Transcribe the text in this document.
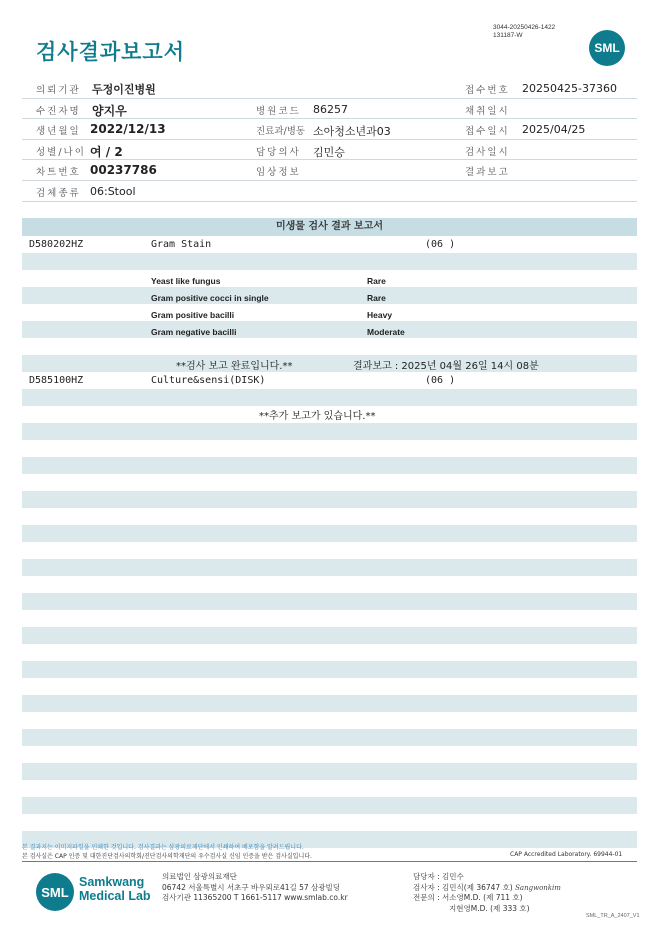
검사결과보고서
3044-20250426-1422
131187-W
SML
의뢰기관 두정이진병원	접수번호 20250425-37360
수진자명 양지우	병원코드 86257	채취일시
생년월일 2022/12/13	진료과/병동 소아청소년과03	접수일시 2025/04/25
성별/나이 여 / 2	담당의사 김민승	검사일시
차트번호 00237786	임상정보	결과보고
검체종류 06:Stool
미생물 검사 결과 보고서
D580202HZ	Gram Stain	(06 )
Yeast like fungus	Rare
Gram positive cocci in single	Rare
Gram positive bacilli	Heavy
Gram negative bacilli	Moderate
**검사 보고 완료입니다.**	결과보고 : 2025년 04월 26일 14시 08분
D585100HZ	Culture&sensi(DISK)	(06 )
**추가 보고가 있습니다.**
본 결과지는 이미지파일을 인쇄한 것입니다. 검사결과는 삼광의료재단에서 인쇄하여 배포함을 알려드립니다.
본 검사실은 CAP 인증 및 대한진단검사의학회/진단검사의학재단의 우수검사실 신임 인증을 받은 검사실입니다.	CAP Accredited Laboratory. 69944-01
SML
Samkwang
Medical Lab
의료법인 삼광의료재단
06742 서울특별시 서초구 바우뫼로41길 57 삼광빌딩
검사기관 11365200 T 1661-5117 www.smlab.co.kr
담당자 : 김민수
검사자 : 김민식(제 36747 호) Sangwonkim
전문의 : 서소영M.D. (제 711 호)
지현영M.D. (제 333 호)
SML_TR_A_2407_V1
